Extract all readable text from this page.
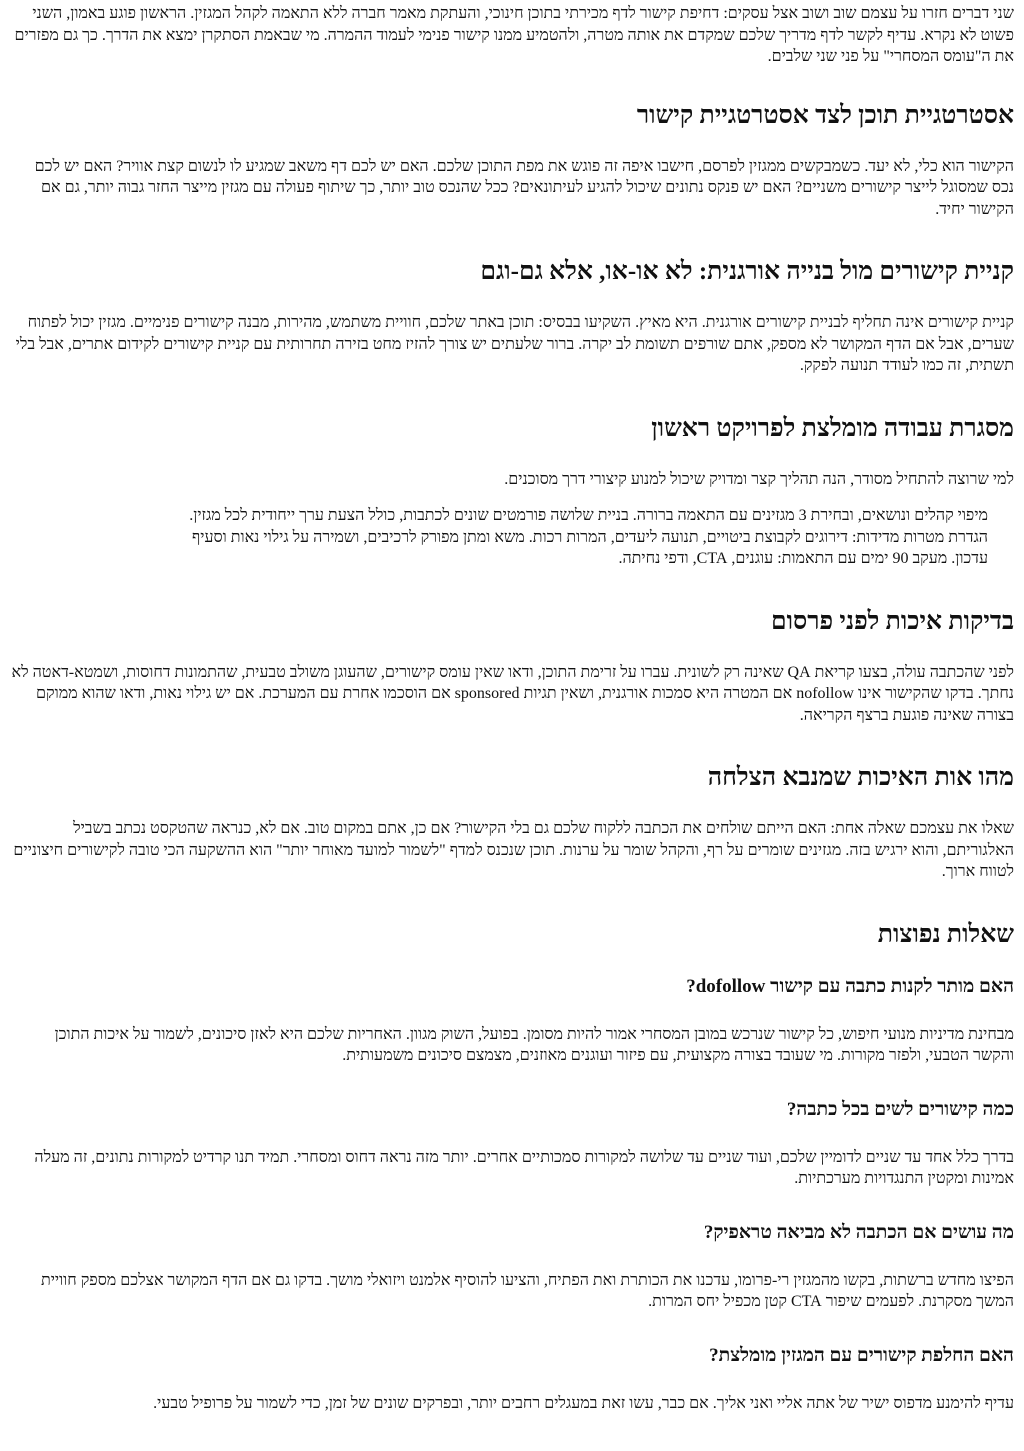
שני דברים חזרו על עצמם שוב ושוב אצל עסקים: דחיפת קישור לדף מכירתי בתוכן חינוכי, והעתקת מאמר חברה ללא התאמה לקהל המגזין. הראשון פוגע באמון, השני פשוט לא נקרא. עדיף לקשר לדף מדריך שלכם שמקדם את אותה מטרה, ולהטמיע ממנו קישור פנימי לעמוד ההמרה. מי שבאמת הסתקרן ימצא את הדרך. כך גם מפזרים את ה"עומס המסחרי" על פני שני שלבים.

אסטרטגיית תוכן לצד אסטרטגיית קישור

הקישור הוא כלי, לא יעד. כשמבקשים ממגזין לפרסם, חישבו איפה זה פוגש את מפת התוכן שלכם. האם יש לכם דף משאב שמגיע לו לנשום קצת אוויר? האם יש לכם נכס שמסוגל לייצר קישורים משניים? האם יש פנקס נתונים שיכול להגיע לעיתונאים? ככל שהנכס טוב יותר, כך שיתוף פעולה עם מגזין מייצר החזר גבוה יותר, גם אם הקישור יחיד.

קניית קישורים מול בנייה אורגנית: לא או-או, אלא גם-וגם

קניית קישורים אינה תחליף לבניית קישורים אורגנית. היא מאיץ. השקיעו בבסיס: תוכן באתר שלכם, חוויית משתמש, מהירות, מבנה קישורים פנימיים. מגזין יכול לפתוח שערים, אבל אם הדף המקושר לא מספק, אתם שורפים תשומת לב יקרה. ברור שלעתים יש צורך להזיז מחט בזירה תחרותית עם קניית קישורים לקידום אתרים, אבל בלי תשתית, זה כמו לעודד תנועה לפקק.

מסגרת עבודה מומלצת לפרויקט ראשון

למי שרוצה להתחיל מסודר, הנה תהליך קצר ומדויק שיכול למנוע קיצורי דרך מסוכנים.

מיפוי קהלים ונושאים, ובחירת 3 מגזינים עם התאמה ברורה. בניית שלושה פורמטים שונים לכתבות, כולל הצעת ערך ייחודית לכל מגזין.
הגדרת מטרות מדידות: דירוגים לקבוצת ביטויים, תנועה ליעדים, המרות רכות. משא ומתן מפורק לרכיבים, ושמירה על גילוי נאות וסעיף
עדכון. מעקב 90 ימים עם התאמות: עוגנים, CTA, ודפי נחיתה.
בדיקות איכות לפני פרסום

לפני שהכתבה עולה, בצעו קריאת QA שאינה רק לשונית. עברו על זרימת התוכן, ודאו שאין עומס קישורים, שהעוגן משולב טבעית, שהתמונות דחוסות, ושמטא-דאטה לא נחתך. בדקו שהקישור אינו nofollow אם המטרה היא סמכות אורגנית, ושאין תגיות sponsored אם הוסכמו אחרת עם המערכת. אם יש גילוי נאות, ודאו שהוא ממוקם בצורה שאינה פוגעת ברצף הקריאה.

מהו אות האיכות שמנבא הצלחה

שאלו את עצמכם שאלה אחת: האם הייתם שולחים את הכתבה ללקוח שלכם גם בלי הקישור? אם כן, אתם במקום טוב. אם לא, כנראה שהטקסט נכתב בשביל האלגוריתם, והוא ירגיש בזה. מגזינים שומרים על רף, והקהל שומר על ערנות. תוכן שנכנס למדף "לשמור למועד מאוחר יותר" הוא ההשקעה הכי טובה לקישורים חיצוניים לטווח ארוך.

שאלות נפוצות
האם מותר לקנות כתבה עם קישור dofollow?

מבחינת מדיניות מנועי חיפוש, כל קישור שנרכש במובן המסחרי אמור להיות מסומן. בפועל, השוק מגוון. האחריות שלכם היא לאזן סיכונים, לשמור על איכות התוכן והקשר הטבעי, ולפזר מקורות. מי שעובד בצורה מקצועית, עם פיזור ועוגנים מאוזנים, מצמצם סיכונים משמעותית.

כמה קישורים לשים בכל כתבה?

בדרך כלל אחד עד שניים לדומיין שלכם, ועוד שניים עד שלושה למקורות סמכותיים אחרים. יותר מזה נראה דחוס ומסחרי. תמיד תנו קרדיט למקורות נתונים, זה מעלה אמינות ומקטין התנגדויות מערכתיות.

מה עושים אם הכתבה לא מביאה טראפיק?

הפיצו מחדש ברשתות, בקשו מהמגזין רי-פרומו, עדכנו את הכותרת ואת הפתיח, והציעו להוסיף אלמנט ויזואלי מושך. בדקו גם אם הדף המקושר אצלכם מספק חוויית המשך מסקרנת. לפעמים שיפור CTA קטן מכפיל יחס המרות.

האם החלפת קישורים עם המגזין מומלצת?

עדיף להימנע מדפוס ישיר של אתה אליי ואני אליך. אם כבר, עשו זאת במעגלים רחבים יותר, ובפרקים שונים של זמן, כדי לשמור על פרופיל טבעי.
